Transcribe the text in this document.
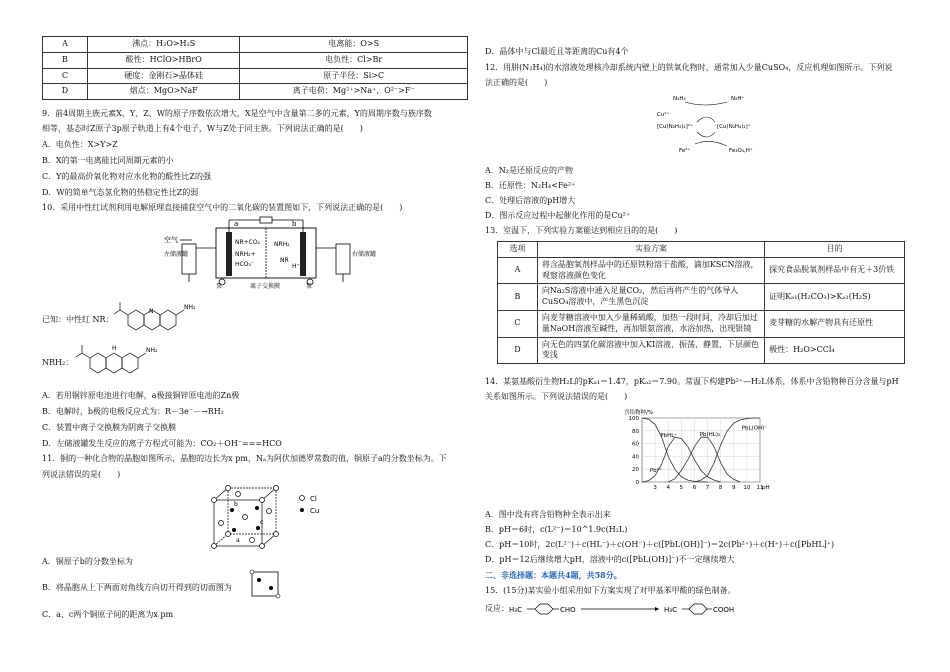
A	沸点：H₂O>H₂S	电离能：O>S
B	酸性：HClO>HBrO	电负性：Cl>Br
C	硬度：金刚石>晶体硅	原子半径：Si>C
D	熔点：MgO>NaF	离子电荷：Mg²⁺>Na⁺，O²⁻>F⁻
9．前4周期主族元素X、Y、Z、W的原子序数依次增大，X是空气中含量第二多的元素，Y的周期序数与族序数
相等，基态时Z原子3p原子轨道上有4个电子，W与Z处于同主族。下列说法正确的是(　　)
A．电负性：X>Y>Z
B．X的第一电离能比同周期元素的小
C．Y的最高价氧化物对应水化物的酸性比Z的强
D．W的简单气态氢化物的热稳定性比Z的弱
10．采用中性红试剂利用电解原理直接捕获空气中的二氧化碳的装置图如下，下列说法正确的是(　　)
空气
左储液罐	右储液罐
a	b
NR+CO₂
NRH₂+
HCO₃⁻
NRH₂
NR
H⁺
泵	离子交换膜	泵
已知：中性红 NR：
N
NH₂
NRH₂：
H	NH₂
A．若用铜锌原电池进行电解，a极接铜锌原电池的Zn极
B．电解时，b极的电极反应式为：R－3e⁻－→RH₂
C．装置中离子交换膜为阴离子交换膜
D．左储液罐发生反应的离子方程式可能为：CO₂＋OH⁻===HCO
11．铜的一种化合物的晶胞如图所示，晶胞的边长为x pm，Nₐ为阿伏加德罗常数的值，铜原子a的分数坐标为。下
列说法错误的是(　　)
a
b
c
Cl
Cu
A．铜原子b的分数坐标为
B．将晶胞从上下两面对角线方向切开得到的切面图为
C．a、c两个铜原子间的距离为x pm
D．晶体中与Cl最近且等距离的Cu有4个
12．用肼(N₂H₄)的水溶液处理核冷却系统内壁上的铁氧化物时，通常加入少量CuSO₄，反应机理如图所示。下列说
法正确的是(　　)
N₂H₄	N₂H⁺
Cu²⁺
[Cu(N₂H₄)₂]²⁺	[Cu(N₂H₄)₂]⁺
Fe²⁺	Fe₃O₄,H⁺
A．N₂是还原反应的产物
B．还原性：N₂H₄<Fe²⁺
C．处理后溶液的pH增大
D．图示反应过程中起催化作用的是Cu²⁺
13．室温下，下列实验方案能达到相应目的的是(　　)
选项	实验方案	目的
A	将含晶胞氧剂样品中的还原铁粉溶于盐酸，滴加KSCN溶液，观察溶液颜色变化	探究食品脱氧剂样品中有无＋3价铁
B	向Na₂S溶液中通入足量CO₂，然后再将产生的气体导入CuSO₄溶液中，产生黑色沉淀	证明Kₐ₁(H₂CO₃)>Kₐ₁(H₂S)
C	向麦芽糖溶液中加入少量稀硫酸，加热一段时间，冷却后加过量NaOH溶液至碱性，再加银氨溶液，水浴加热，出现银镜	麦芽糖的水解产物具有还原性
D	向无色的四氯化碳溶液中加入KI溶液，振荡，静置，下层颜色变浅	极性：H₂O>CCl₄
14．某氨基酸衍生物H₂L的pKₐ₁＝1.47，pKₐ₂＝7.90。常温下构建Pb²⁺—H₂L体系，体系中含铅物种百分含量与pH
关系如图所示。下列说法错误的是(　　)
0
20
40
60
80
100
3 4 5 6 7 8 9 10 11
含铅物种/%
pH
Pb²⁺
PbHL⁺	Pb(HL)₂
PbL(OH)⁻
A．图中没有将含铅物种全表示出来
B．pH＝6时，c(L²⁻)＝10^1.9c(H₂L)
C．pH＝10时，2c(L²⁻)＋c(HL⁻)＋c(OH⁻)＋c([PbL(OH)]⁻)＝2c(Pb²⁺)＋c(H⁺)＋c([PbHL]⁺)
D．pH＝12后继续增大pH，溶液中的c([PbL(OH)]⁻)不一定继续增大
二、非选择题：本题共4题，共58分。
15．(15分)某实验小组采用如下方案实现了对甲基苯甲酸的绿色制备。
反应： H₃C	CHO	H₃C	COOH
